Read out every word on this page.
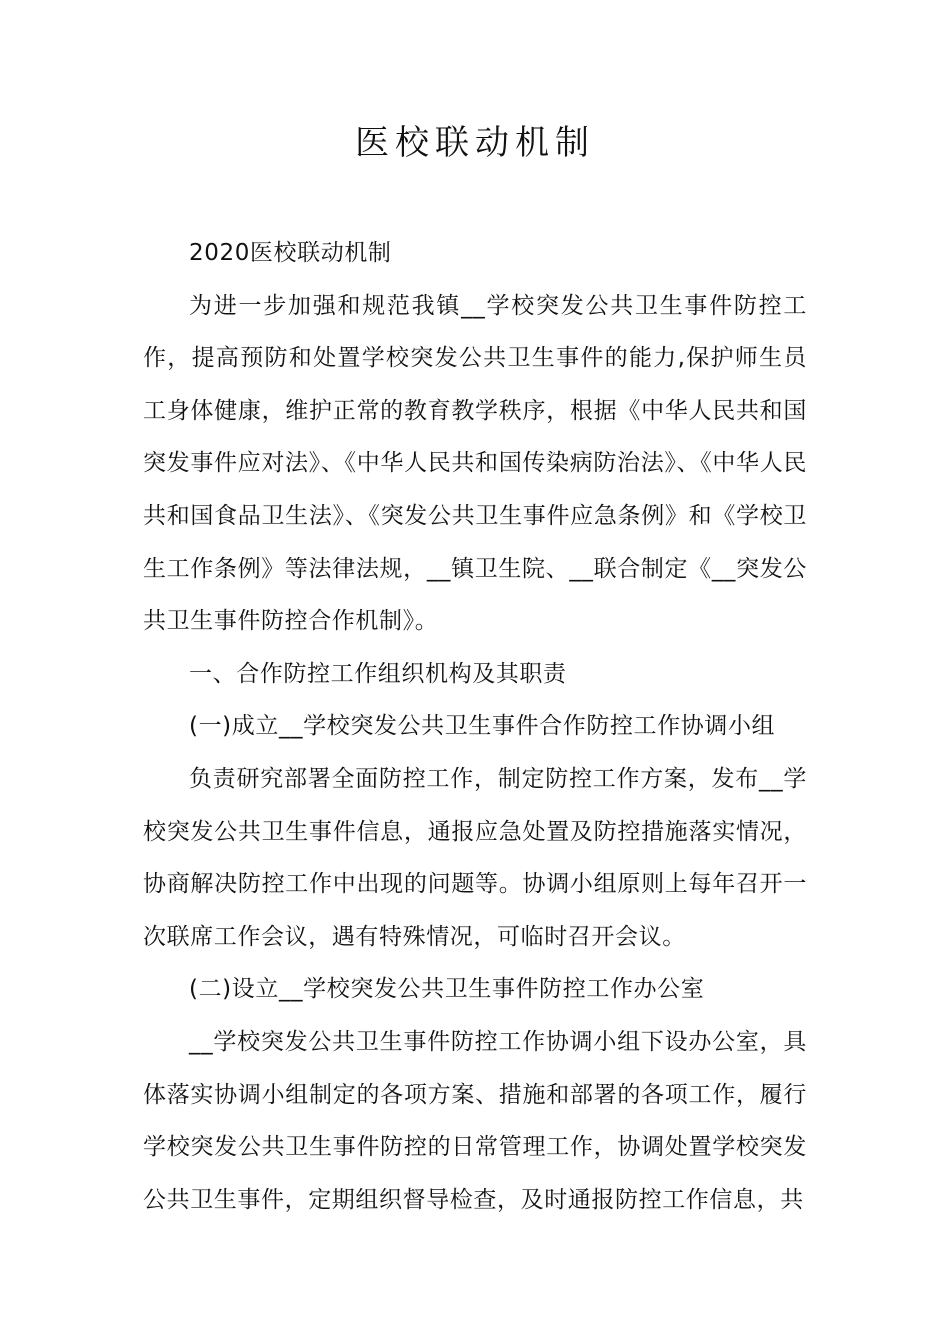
医校联动机制

2020医校联动机制

为进一步加强和规范我镇__学校突发公共卫生事件防控工作，提高预防和处置学校突发公共卫生事件的能力,保护师生员工身体健康，维护正常的教育教学秩序，根据《中华人民共和国突发事件应对法》、《中华人民共和国传染病防治法》、《中华人民共和国食品卫生法》、《突发公共卫生事件应急条例》和《学校卫生工作条例》等法律法规，__镇卫生院、__联合制定《__突发公共卫生事件防控合作机制》。

一、合作防控工作组织机构及其职责

(一)成立__学校突发公共卫生事件合作防控工作协调小组

负责研究部署全面防控工作，制定防控工作方案，发布__学校突发公共卫生事件信息，通报应急处置及防控措施落实情况，协商解决防控工作中出现的问题等。协调小组原则上每年召开一次联席工作会议，遇有特殊情况，可临时召开会议。

(二)设立__学校突发公共卫生事件防控工作办公室

__学校突发公共卫生事件防控工作协调小组下设办公室，具体落实协调小组制定的各项方案、措施和部署的各项工作，履行学校突发公共卫生事件防控的日常管理工作，协调处置学校突发公共卫生事件，定期组织督导检查，及时通报防控工作信息，共
